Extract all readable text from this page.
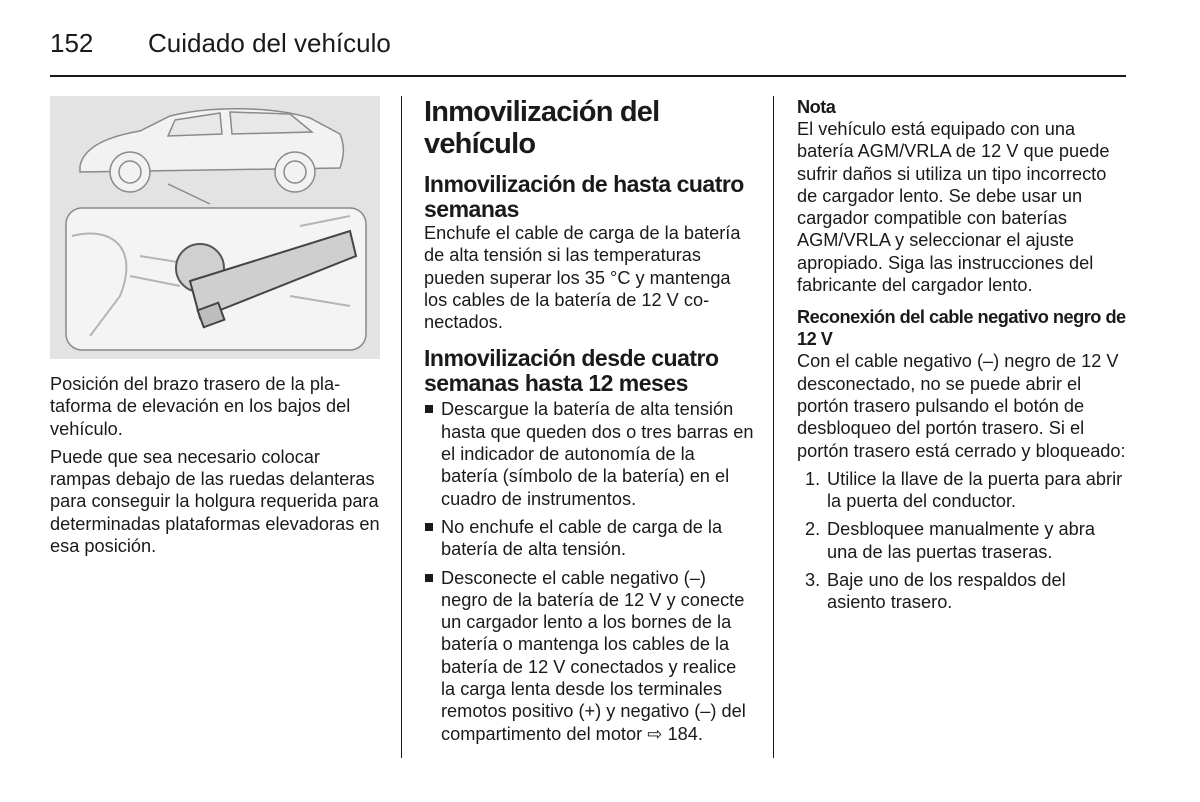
152 Cuidado del vehículo

Posición del brazo trasero de la plataforma de elevación en los bajos del vehículo.

Puede que sea necesario colocar rampas debajo de las ruedas delanteras para conseguir la holgura requerida para determinadas plataformas elevadoras en esa posición.

Inmovilización del vehículo
Inmovilización de hasta cuatro semanas

Enchufe el cable de carga de la batería de alta tensión si las temperaturas pueden superar los 35 °C y mantenga los cables de la batería de 12 V conectados.

Inmovilización desde cuatro semanas hasta 12 meses

Descargue la batería de alta tensión hasta que queden dos o tres barras en el indicador de autonomía de la batería (símbolo de la batería) en el cuadro de instrumentos.

No enchufe el cable de carga de la batería de alta tensión.

Desconecte el cable negativo (–) negro de la batería de 12 V y conecte un cargador lento a los bornes de la batería o mantenga los cables de la batería de 12 V conectados y realice la carga lenta desde los terminales remotos positivo (+) y negativo (–) del compartimento del motor ⇨ 184.

Nota

El vehículo está equipado con una batería AGM/VRLA de 12 V que puede sufrir daños si utiliza un tipo incorrecto de cargador lento. Se debe usar un cargador compatible con baterías AGM/VRLA y seleccionar el ajuste apropiado. Siga las instrucciones del fabricante del cargador lento.

Reconexión del cable negativo negro de 12 V

Con el cable negativo (–) negro de 12 V desconectado, no se puede abrir el portón trasero pulsando el botón de desbloqueo del portón trasero. Si el portón trasero está cerrado y bloqueado:

1. Utilice la llave de la puerta para abrir la puerta del conductor.

2. Desbloquee manualmente y abra una de las puertas traseras.

3. Baje uno de los respaldos del asiento trasero.
